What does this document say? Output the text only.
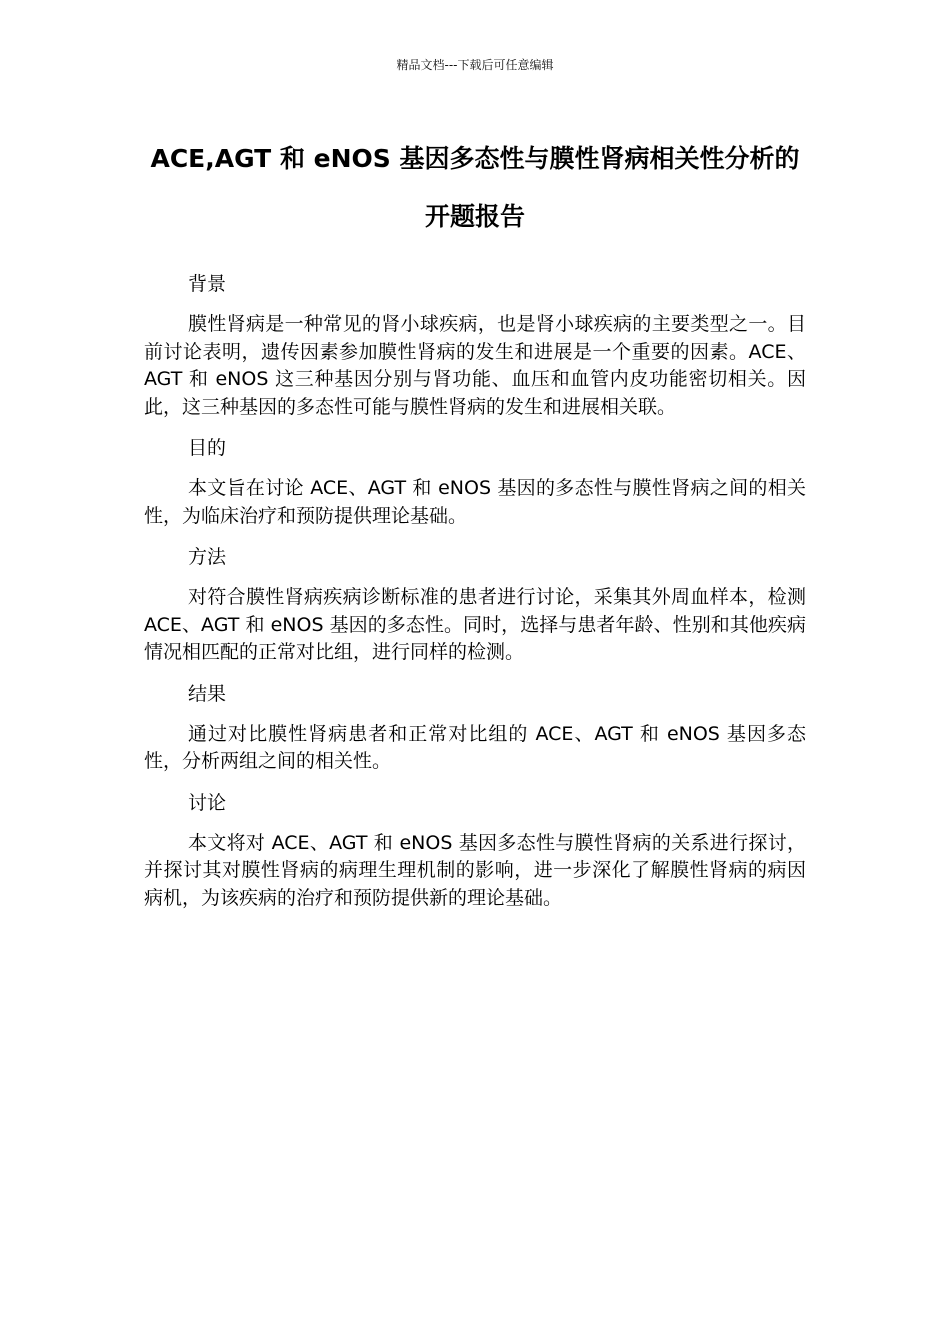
精品文档---下载后可任意编辑
ACE,AGT 和 eNOS 基因多态性与膜性肾病相关性分析的开题报告
背景

膜性肾病是一种常见的肾小球疾病，也是肾小球疾病的主要类型之一。目前讨论表明，遗传因素参加膜性肾病的发生和进展是一个重要的因素。ACE、AGT 和 eNOS 这三种基因分别与肾功能、血压和血管内皮功能密切相关。因此，这三种基因的多态性可能与膜性肾病的发生和进展相关联。

目的

本文旨在讨论 ACE、AGT 和 eNOS 基因的多态性与膜性肾病之间的相关性，为临床治疗和预防提供理论基础。

方法

对符合膜性肾病疾病诊断标准的患者进行讨论，采集其外周血样本，检测 ACE、AGT 和 eNOS 基因的多态性。同时，选择与患者年龄、性别和其他疾病情况相匹配的正常对比组，进行同样的检测。

结果

通过对比膜性肾病患者和正常对比组的 ACE、AGT 和 eNOS 基因多态性，分析两组之间的相关性。

讨论

本文将对 ACE、AGT 和 eNOS 基因多态性与膜性肾病的关系进行探讨，并探讨其对膜性肾病的病理生理机制的影响，进一步深化了解膜性肾病的病因病机，为该疾病的治疗和预防提供新的理论基础。
